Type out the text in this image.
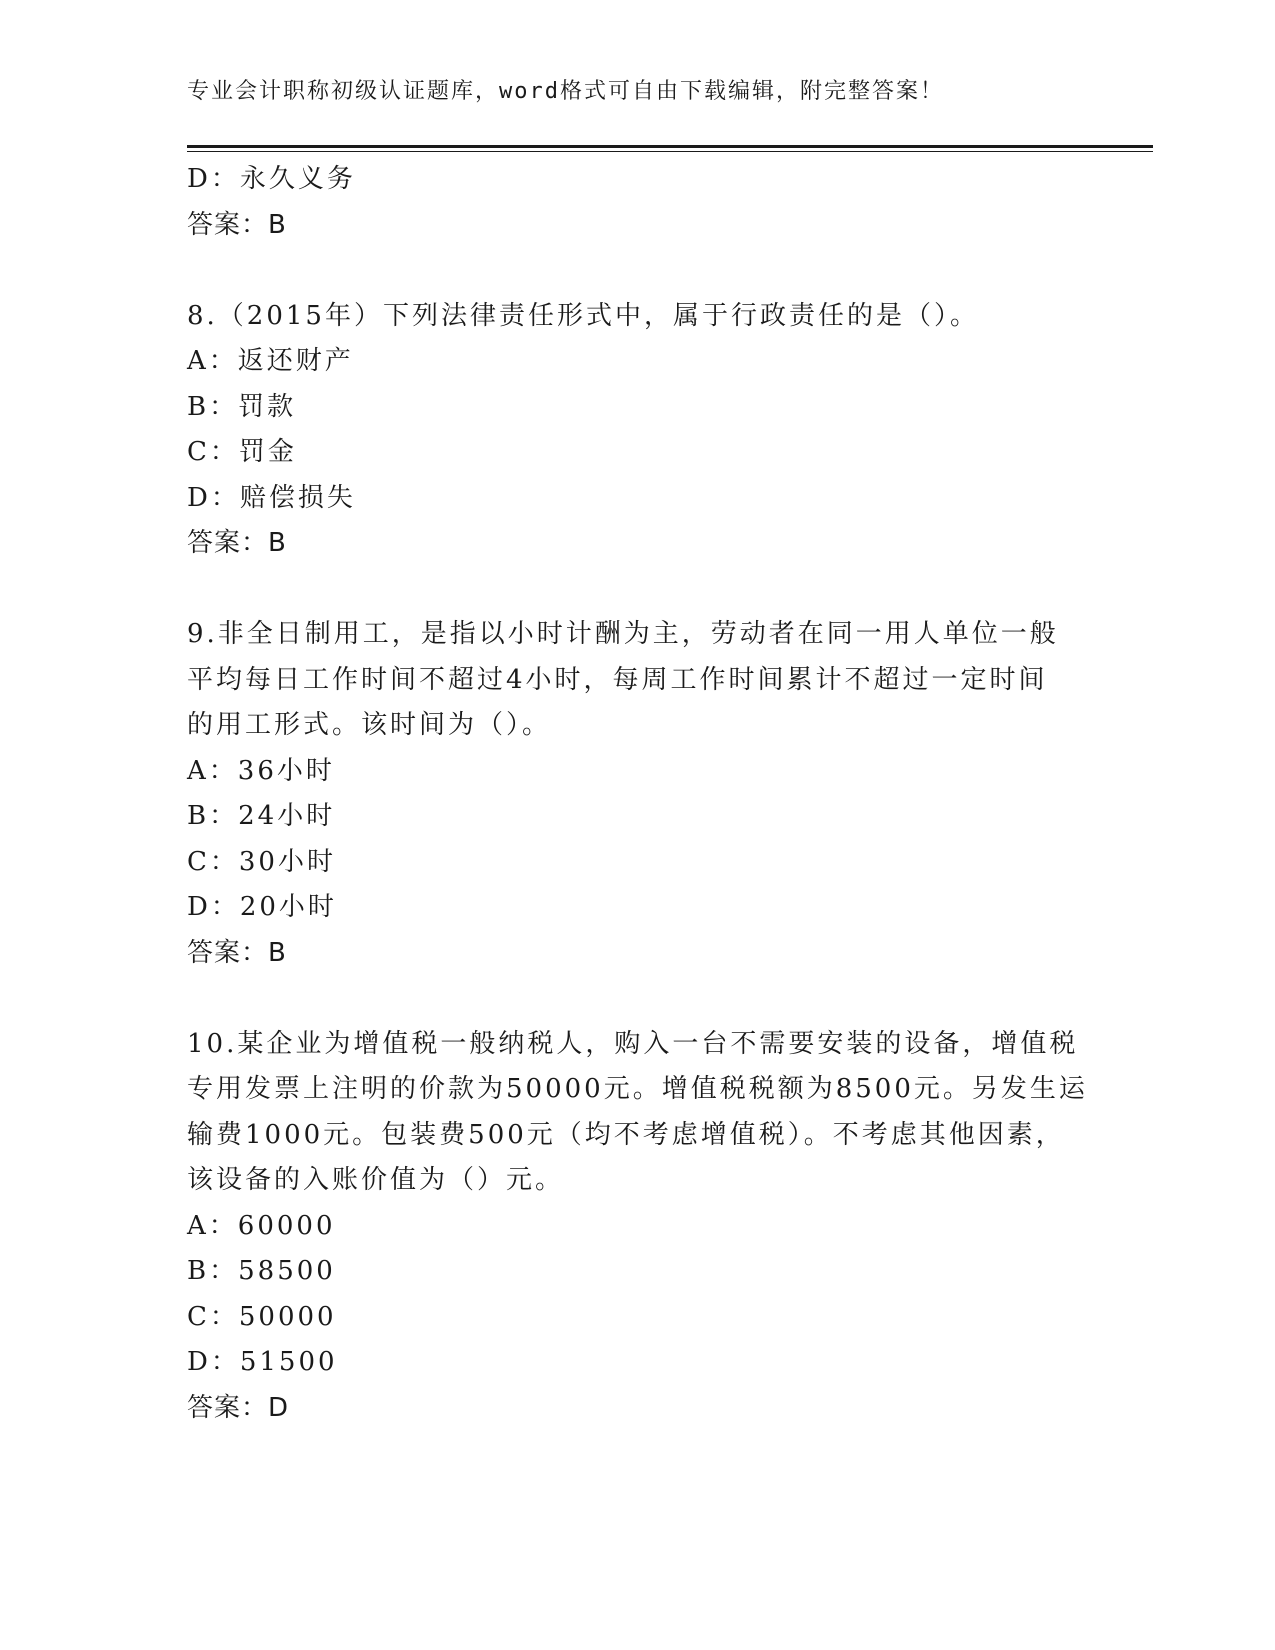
专业会计职称初级认证题库，word格式可自由下载编辑，附完整答案！
D：永久义务
答案：B
8.（2015年）下列法律责任形式中，属于行政责任的是（）。
A：返还财产
B：罚款
C：罚金
D：赔偿损失
答案：B
9.非全日制用工，是指以小时计酬为主，劳动者在同一用人单位一般
平均每日工作时间不超过4小时，每周工作时间累计不超过一定时间
的用工形式。该时间为（）。
A：36小时
B：24小时
C：30小时
D：20小时
答案：B
10.某企业为增值税一般纳税人，购入一台不需要安装的设备，增值税
专用发票上注明的价款为50000元。增值税税额为8500元。另发生运
输费1000元。包装费500元（均不考虑增值税）。不考虑其他因素，
该设备的入账价值为（）元。
A：60000
B：58500
C：50000
D：51500
答案：D
